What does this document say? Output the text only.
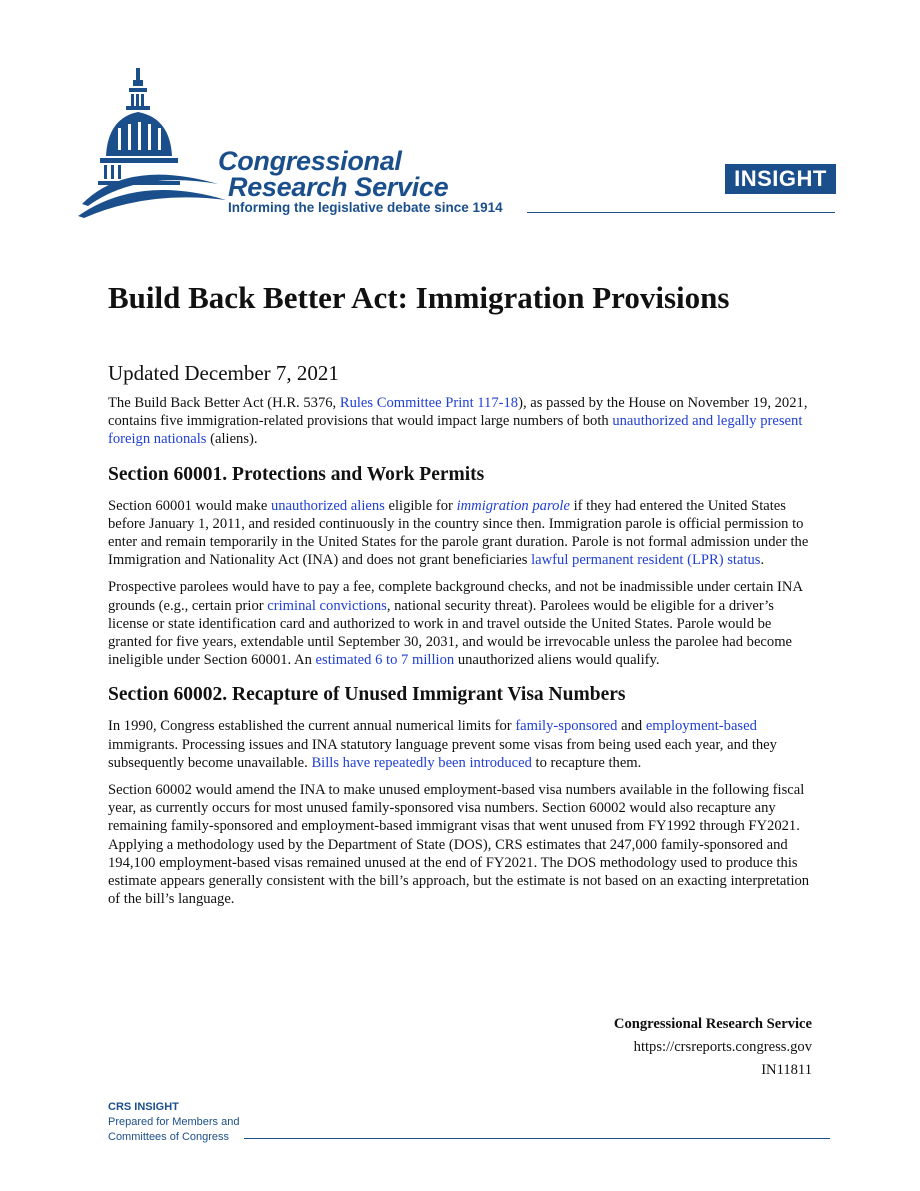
Congressional

Research Service

Informing the legislative debate since 1914
INSIGHT
Build Back Better Act: Immigration Provisions
Updated December 7, 2021

The Build Back Better Act (H.R. 5376, Rules Committee Print 117-18), as passed by the House on November 19, 2021, contains five immigration-related provisions that would impact large numbers of both unauthorized and legally present foreign nationals (aliens).

Section 60001. Protections and Work Permits

Section 60001 would make unauthorized aliens eligible for immigration parole if they had entered the United States before January 1, 2011, and resided continuously in the country since then. Immigration parole is official permission to enter and remain temporarily in the United States for the parole grant duration. Parole is not formal admission under the Immigration and Nationality Act (INA) and does not grant beneficiaries lawful permanent resident (LPR) status.

Prospective parolees would have to pay a fee, complete background checks, and not be inadmissible under certain INA grounds (e.g., certain prior criminal convictions, national security threat). Parolees would be eligible for a driver’s license or state identification card and authorized to work in and travel outside the United States. Parole would be granted for five years, extendable until September 30, 2031, and would be irrevocable unless the parolee had become ineligible under Section 60001. An estimated 6 to 7 million unauthorized aliens would qualify.

Section 60002. Recapture of Unused Immigrant Visa Numbers

In 1990, Congress established the current annual numerical limits for family-sponsored and employment-based immigrants. Processing issues and INA statutory language prevent some visas from being used each year, and they subsequently become unavailable. Bills have repeatedly been introduced to recapture them.

Section 60002 would amend the INA to make unused employment-based visa numbers available in the following fiscal year, as currently occurs for most unused family-sponsored visa numbers. Section 60002 would also recapture any remaining family-sponsored and employment-based immigrant visas that went unused from FY1992 through FY2021. Applying a methodology used by the Department of State (DOS), CRS estimates that 247,000 family-sponsored and 194,100 employment-based visas remained unused at the end of FY2021. The DOS methodology used to produce this estimate appears generally consistent with the bill’s approach, but the estimate is not based on an exacting interpretation of the bill’s language.

Congressional Research Service
https://crsreports.congress.gov
IN11811
CRS INSIGHT
Prepared for Members and
Committees of Congress
